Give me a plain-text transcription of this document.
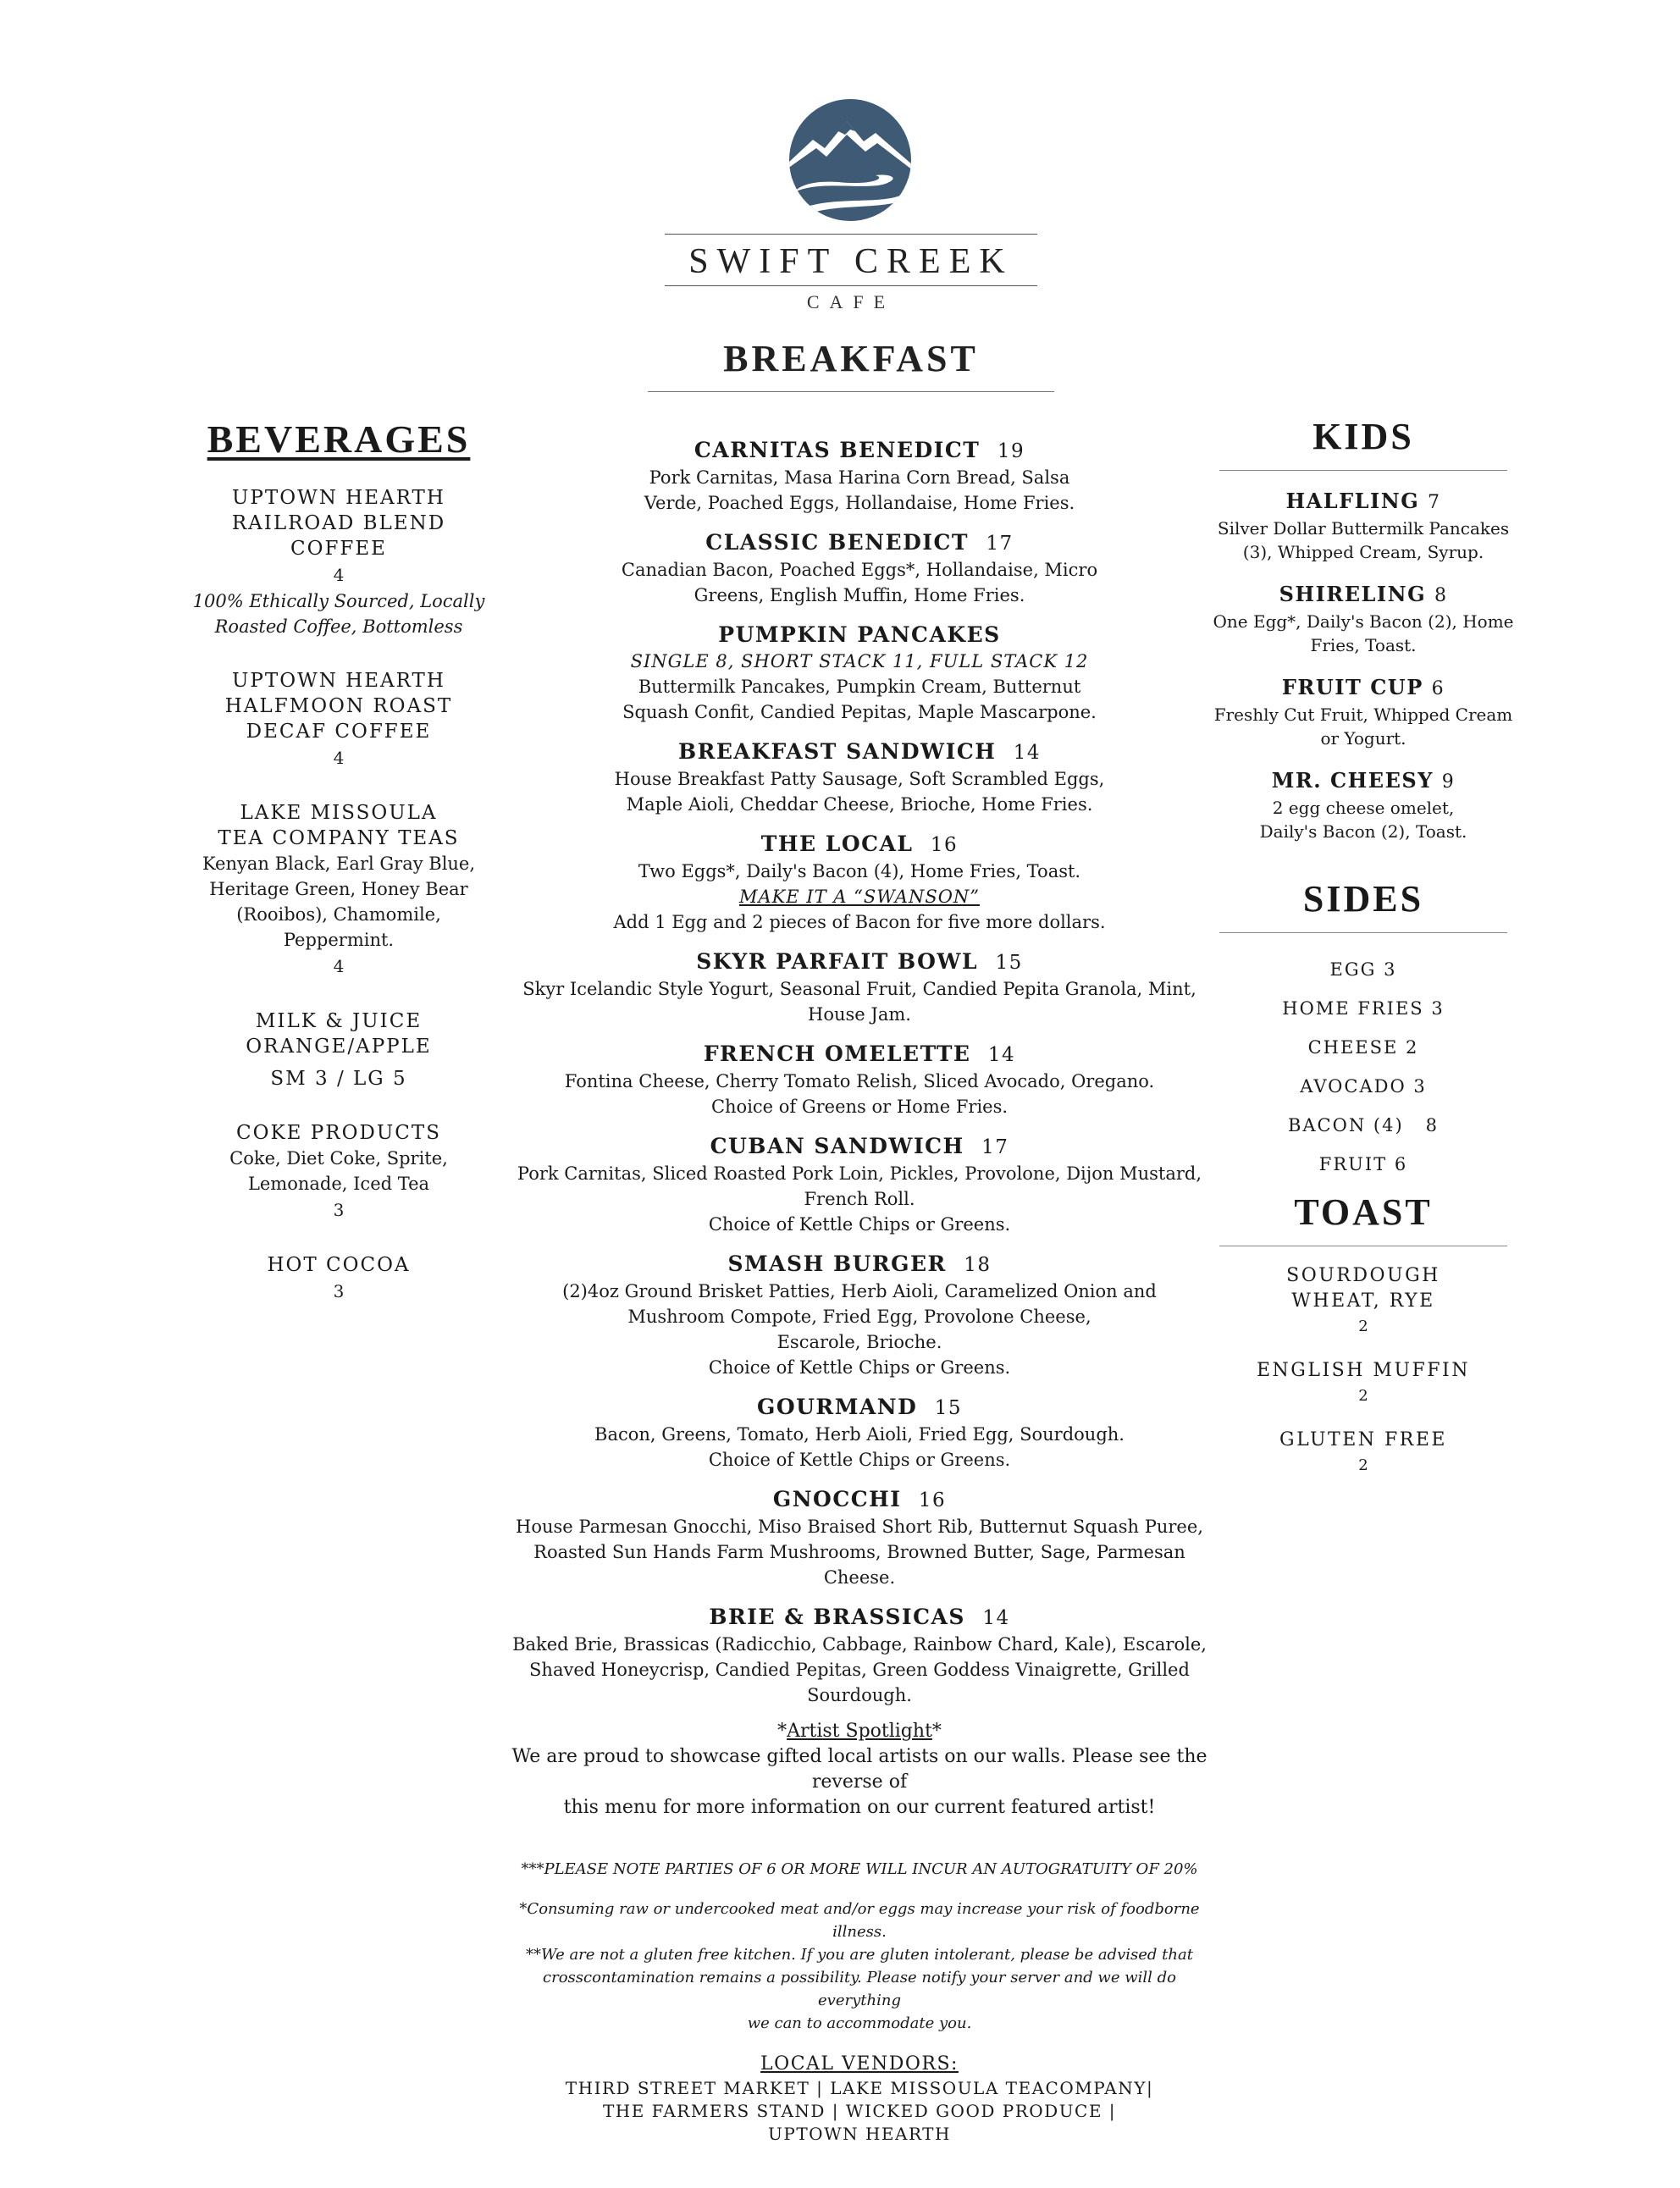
SWIFT CREEK
CAFE
BREAKFAST
BEVERAGES
UPTOWN HEARTH
RAILROAD BLEND
COFFEE
4
100% Ethically Sourced, Locally
Roasted Coffee, Bottomless
UPTOWN HEARTH
HALFMOON ROAST
DECAF COFFEE
4
LAKE MISSOULA
TEA COMPANY TEAS
Kenyan Black, Earl Gray Blue,
Heritage Green, Honey Bear
(Rooibos), Chamomile,
Peppermint.
4
MILK & JUICE
ORANGE/APPLE
SM 3 / LG 5
COKE PRODUCTS
Coke, Diet Coke, Sprite,
Lemonade, Iced Tea
3
HOT COCOA
3
CARNITAS BENEDICT 19
Pork Carnitas, Masa Harina Corn Bread, Salsa
Verde, Poached Eggs, Hollandaise, Home Fries.
CLASSIC BENEDICT 17
Canadian Bacon, Poached Eggs*, Hollandaise, Micro
Greens, English Muffin, Home Fries.
PUMPKIN PANCAKES
SINGLE 8, SHORT STACK 11, FULL STACK 12
Buttermilk Pancakes, Pumpkin Cream, Butternut
Squash Confit, Candied Pepitas, Maple Mascarpone.
BREAKFAST SANDWICH 14
House Breakfast Patty Sausage, Soft Scrambled Eggs,
Maple Aioli, Cheddar Cheese, Brioche, Home Fries.
THE LOCAL 16
Two Eggs*, Daily's Bacon (4), Home Fries, Toast.
MAKE IT A “SWANSON”
Add 1 Egg and 2 pieces of Bacon for five more dollars.
SKYR PARFAIT BOWL 15
Skyr Icelandic Style Yogurt, Seasonal Fruit, Candied Pepita Granola, Mint,
House Jam.
FRENCH OMELETTE 14
Fontina Cheese, Cherry Tomato Relish, Sliced Avocado, Oregano.
Choice of Greens or Home Fries.
CUBAN SANDWICH 17
Pork Carnitas, Sliced Roasted Pork Loin, Pickles, Provolone, Dijon Mustard,
French Roll.
Choice of Kettle Chips or Greens.
SMASH BURGER 18
(2)4oz Ground Brisket Patties, Herb Aioli, Caramelized Onion and
Mushroom Compote, Fried Egg, Provolone Cheese,
Escarole, Brioche.
Choice of Kettle Chips or Greens.
GOURMAND 15
Bacon, Greens, Tomato, Herb Aioli, Fried Egg, Sourdough.
Choice of Kettle Chips or Greens.
GNOCCHI 16
House Parmesan Gnocchi, Miso Braised Short Rib, Butternut Squash Puree,
Roasted Sun Hands Farm Mushrooms, Browned Butter, Sage, Parmesan
Cheese.
BRIE & BRASSICAS 14
Baked Brie, Brassicas (Radicchio, Cabbage, Rainbow Chard, Kale), Escarole,
Shaved Honeycrisp, Candied Pepitas, Green Goddess Vinaigrette, Grilled
Sourdough.
KIDS
HALFLING 7
Silver Dollar Buttermilk Pancakes
(3), Whipped Cream, Syrup.
SHIRELING 8
One Egg*, Daily's Bacon (2), Home
Fries, Toast.
FRUIT CUP 6
Freshly Cut Fruit, Whipped Cream
or Yogurt.
MR. CHEESY 9
2 egg cheese omelet,
Daily's Bacon (2), Toast.
SIDES
EGG 3
HOME FRIES 3
CHEESE 2
AVOCADO 3
BACON (4)   8
FRUIT 6
TOAST
SOURDOUGH
WHEAT, RYE
2
ENGLISH MUFFIN
2
GLUTEN FREE
2
*Artist Spotlight*
We are proud to showcase gifted local artists on our walls. Please see the reverse of
this menu for more information on our current featured artist!
***PLEASE NOTE PARTIES OF 6 OR MORE WILL INCUR AN AUTOGRATUITY OF 20%
*Consuming raw or undercooked meat and/or eggs may increase your risk of foodborne
illness.
**We are not a gluten free kitchen. If you are gluten intolerant, please be advised that
crosscontamination remains a possibility. Please notify your server and we will do everything
we can to accommodate you.
LOCAL VENDORS:
THIRD STREET MARKET | LAKE MISSOULA TEACOMPANY|
THE FARMERS STAND | WICKED GOOD PRODUCE |
UPTOWN HEARTH
